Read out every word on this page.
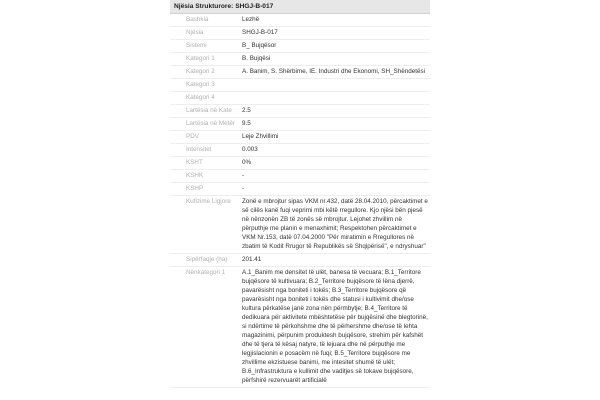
Njësia Strukturore: SHGJ-B-017
Bashkia	Lezhë
Njësia	SHGJ-B-017
Sistemi	B_ Bujqësor
Kategori 1	B. Bujqësi
Kategori 2	A. Banim, S. Shërbime, IE. Industri dhe Ekonomi, SH_Shëndetësi
Kategori 3	
Kategori 4	
Lartësia në Kate	2.5
Lartësia në Metër	9.5
PDV	Leje Zhvillimi
Intensitet	0.003
KSHT	0%
KSHK	-
KSHP	-
Kufizime Ligjore	Zonë e mbrojtur sipas VKM nr.432, datë 28.04.2010, përcaktimet e së cilës kanë fuqi veprimi mbi këtë rregullore. Kjo njësi bën pjesë në nënzonën ZB të zonës së mbrojtur. Lejohet zhvillim në përputhje me planin e menaxhimit; Respektohen përcaktimet e VKM Nr.153, datë 07.04.2000 "Për miratimin e Rregullores në zbatim të Kodit Rrugor të Republikës së Shqipërisë", e ndryshuar"
Sipërfaqje (ha)	201.41
Nënkategori 1	A.1_Banim me densitet të ulët, banesa të vecuara; B.1_Territore bujqësore të kultivuara; B.2_Territore bujqësore të lëna djerrë, pavarësisht nga boniteti i tokës; B.3_Territore bujqësore që pavarësisht nga boniteti i tokës dhe statusi i kultivimit dhe/ose kultura përkatëse janë zona nën përmbytje; B.4_Territore të dedikuara për aktivitete mbështetëse për bujqësinë dhe blegtorinë, si ndërtime të përkohshme dhe të përhershme dhe/ose të lehta magazinimi, përpunim produktesh bujqësore, strehim për kafshët dhe të tjera të kësaj natyre, të lejuara dhe në përputhje me legjislacionin e posacëm në fuqi; B.5_Territore bujqësore me zhvillime ekzistuese banimi, me intesitet shumë të ulët; B.6_Infrastruktura e kullimit dhe vaditjes së tokave bujqësore, përfshirë rezervuarët artificialë
